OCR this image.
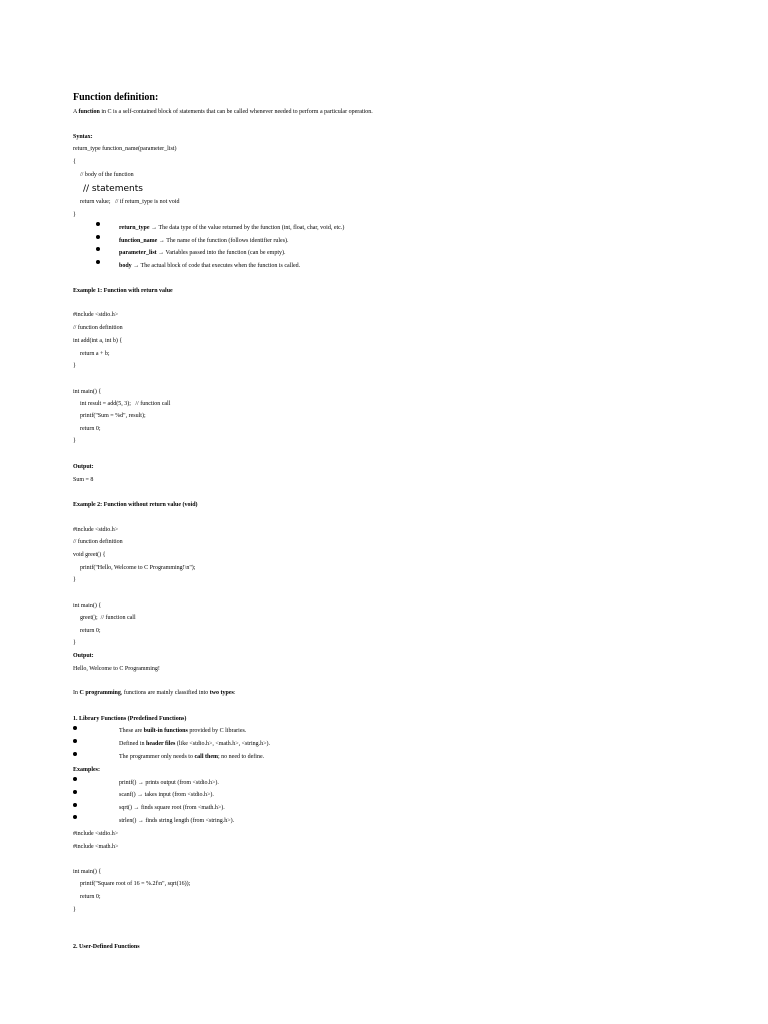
Function definition:
A function in C is a self-contained block of statements that can be called whenever needed to perform a particular operation.
Syntax:
return_type function_name(parameter_list)
{
// body of the function
// statements
return value;   // if return_type is not void
}
return_type → The data type of the value returned by the function (int, float, char, void, etc.)
function_name → The name of the function (follows identifier rules).
parameter_list → Variables passed into the function (can be empty).
body → The actual block of code that executes when the function is called.
Example 1: Function with return value
#include <stdio.h>
// function definition
int add(int a, int b) {
return a + b;
}
int main() {
int result = add(5, 3);   // function call
printf("Sum = %d", result);
return 0;
}
Output:
Sum = 8
Example 2: Function without return value (void)
#include <stdio.h>
// function definition
void greet() {
printf("Hello, Welcome to C Programming!\n");
}
int main() {
greet();  // function call
return 0;
}
Output:
Hello, Welcome to C Programming!
In C programming, functions are mainly classified into two types:
1. Library Functions (Predefined Functions)
These are built-in functions provided by C libraries.
Defined in header files (like <stdio.h>, <math.h>, <string.h>).
The programmer only needs to call them; no need to define.
Examples:
printf() → prints output (from <stdio.h>).
scanf() → takes input (from <stdio.h>).
sqrt() → finds square root (from <math.h>).
strlen() → finds string length (from <string.h>).
#include <stdio.h>
#include <math.h>
int main() {
printf("Square root of 16 = %.2f\n", sqrt(16));
return 0;
}
2. User-Defined Functions
